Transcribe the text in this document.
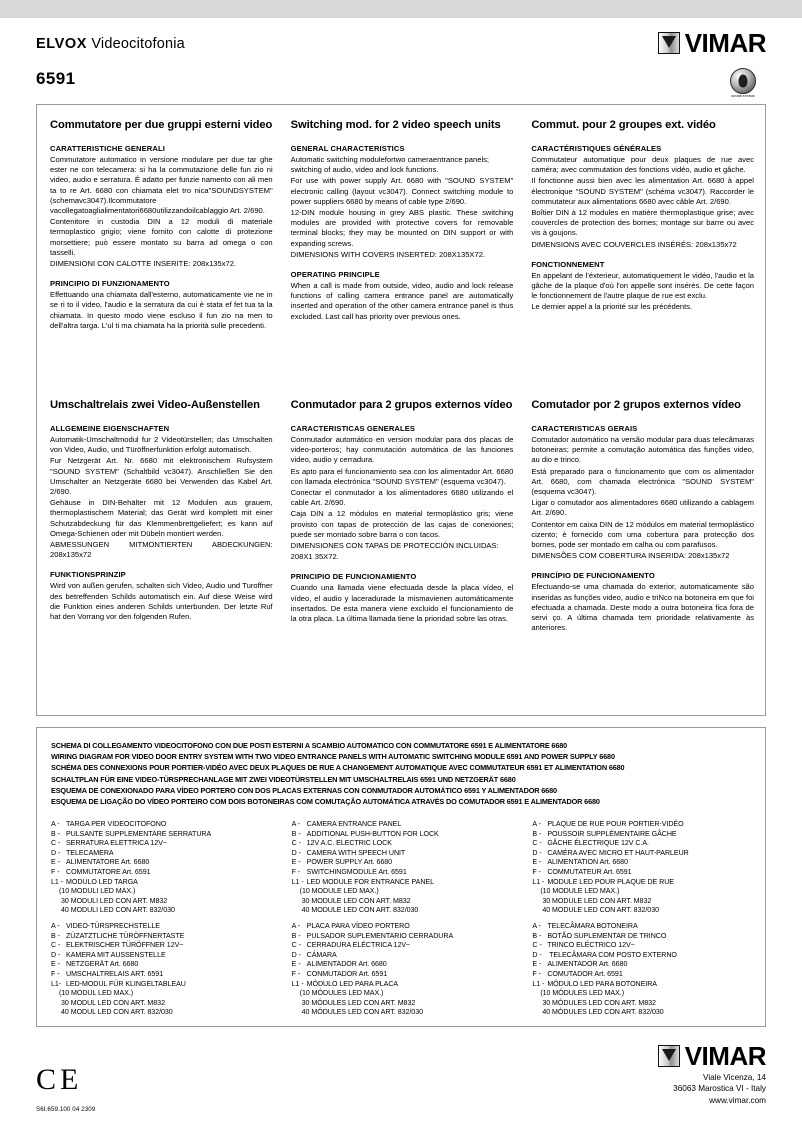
ELVOX Videocitofonia
6591
VIMAR
SOUND SYSTEM
Commutatore per due gruppi esterni video
CARATTERISTICHE GENERALI

Commutatore automatico in versione modulare per due tar ghe ester ne con telecamera: si ha la commutazione delle fun zio ni video, audio e serratura. É adatto per funzie namento con ali men ta to re Art. 6680 con chiamata elet tro nica"SOUNDSYSTEM"(schemavc3047).Ilcommutatore vacollegatoaglialimentatori6680utilizzandoilcablaggio Art. 2/690.

Contenitore in custodia DIN a 12 moduli di materiale termoplastico grigio; viene fornito con calotte di protezione morsettiere; può essere montato su barra ad omega o con tasselli.

DIMENSIONI CON CALOTTE INSERITE: 208x135x72.

PRINCIPIO DI FUNZIONAMENTO

Effettuando una chiamata dall'esterno, automaticamente vie ne in se ri to il video, l'audio e la serratura da cui è stata ef fet tua ta la chiamata. In questo modo viene escluso il fun zio na men to dell'altra targa. L'ul ti ma chiamata ha la priorità sulle precedenti.

Switching mod. for 2 video speech units
GENERAL CHARACTERISTICS

Automatic switching modulefortwo cameraentrance panels; switching of audio, video and lock functions.

For use with power supply Art. 6680 with "SOUND SYSTEM" electronic calling (layout vc3047). Connect switching module to power suppliers 6680 by means of cable type 2/690.

12-DIN module housing in grey ABS plastic. These switching modules are provided with protective covers for removable terminal blocks; they may be mounted on DIN support or with expanding screws.

DIMENSIONS WITH COVERS INSERTED: 208X135X72.

OPERATING PRINCIPLE

When a call is made from outside, video, audio and lock release functions of calling camera entrance panel are automatically inserted and operation of the other camera entrance panel is thus excluded. Last call has priority over previous ones.

Commut. pour 2 groupes ext. vidéo
CARACTÉRISTIQUES GÉNÉRALES

Commutateur automatique pour deux plaques de rue avec caméra; avec commutation des fonctions vidéo, audio et gâche.

Il fonctionne aussi bien avec les alimentation Art. 6680 à appel électronique "SOUND SYSTEM" (schéma vc3047). Raccorder le commutateur aux alimentations 6680 avec câble Art. 2/690.

Boîtier DIN à 12 modules en matière thermoplastique grise; avec couvercles de protection des bornes; montage sur barre ou avec vis à goujons.

DIMENSIONS AVEC COUVERCLES INSÉRÉS: 208x135x72

FONCTIONNEMENT

En appelant de l'éxterieur, automatiquement le vidéo, l'audio et la gâche de la plaque d'où l'on appelle sont insérés. De cette façon le fonctionnement de l'autre plaque de rue est exclu.

Le dernier appel a la priorité sur les précédents.

Umschaltrelais zwei Video-Außenstellen
ALLGEMEINE EIGENSCHAFTEN

Automatik-Umschaltmodul fur 2 Videotürstellen; das Umschalten von Video, Audio, und Türöffnerfunktion erfolgt automatisch.

Fur Netzgerät Art. Nr. 6680 mit elektronischem Rufsystem "SOUND SYSTEM" (Schaltbild vc3047). Anschließen Sie den Umschalter an Netzgeräte 6680 bei Verwenden das Kabel Art. 2/690.

Gehäuse in DIN-Behälter mit 12 Modulen aus grauem, thermoplastischem Material; das Gerät wird komplett mit einer Schutzabdeckung für das Klemmenbrettgeliefert; es kann auf Omega-Schienen oder mit Dübeln montiert werden.

ABMESSUNGEN MITMONTIERTEN ABDECKUNGEN: 208x135x72

FUNKTIONSPRINZIP

Wird von außen gerufen, schalten sich Video, Audio und Turoffner des betreffenden Schilds automatisch ein. Auf diese Weise wird die Funktion eines anderen Schilds unterbunden. Der letzte Ruf hat den Vorrang vor den folgenden Rufen.

Conmutador para 2 grupos externos vídeo
CARACTERISTICAS GENERALES

Conmutador automático en version modular para dos placas de video-porteros; hay conmutación automática de las funciones video, audio y cerradura.

Es apto para el funcionamiento sea con los alimentador Art. 6680 con llamada electrónica "SOUND SYSTEM" (esquema vc3047).

Conectar el conmutador a los alimentadores 6680 utilizando el cable Art. 2/690.

Caja DIN a 12 módulos en material termoplástico gris; viene provisto con tapas de protección de las cajas de conexiones; puede ser montado sobre barra o con tacos.

DIMENSIONES CON TAPAS DE PROTECCIÓN INCLUIDAS:

208X1 35X72.

PRINCIPIO DE FUNCIONAMIENTO

Cuando una llamada viene efectuada desde la placa vídeo, el vídeo, el audio y laceradurade la mismavienen automáticamente insertados. De esta manera viene excluido el funcionamiento de la otra placa. La última llamada tiene la prioridad sobre las otras.

Comutador por 2 grupos externos vídeo
CARACTERISTICAS GERAIS

Comutador automático na versão modular para duas telecâmaras botoneiras; permite a comutação automática das funções video, au dio e trinco.

Está preparado para o funcionamento que com os alimentador Art. 6680, com chamada electrónica "SOUND SYSTEM" (esquema vc3047).

Ligar o comutador aos alimentadores 6680 utilizando a cablagem Art. 2/690.

Contentor em caixa DIN de 12 módulos em material termoplástico cizento; è fornecido com uma cobertura para protecção dos bornes, pode ser montado em calha ou com parafusos.

DIMENSÕES COM COBERTURA INSERIDA: 208x135x72

PRINCÍPIO DE FUNCIONAMENTO

Efectuando-se uma chamada do exterior, automaticamente são inseridas as funções video, audio e triNco na botoneira em que foi efectuada a chamada. Deste modo a outra botoneira fica fora de servi ço. A última chamada tem prioridade relativamente às anteriores.

SCHEMA DI COLLEGAMENTO VIDEOCITOFONO CON DUE POSTI ESTERNI A SCAMBIO AUTOMATICO CON COMMUTATORE 6591 E ALIMENTATORE 6680
WIRING DIAGRAM FOR VIDEO DOOR ENTRY SYSTEM WITH TWO VIDEO ENTRANCE PANELS WITH AUTOMATIC SWITCHING MODULE 6591 AND POWER SUPPLY 6680
SCHÉMA DES CONNEXIONS POUR PORTIER-VIDÉO AVEC DEUX PLAQUES DE RUE A CHANGEMENT AUTOMATIQUE AVEC COMMUTATEUR 6591 ET ALIMENTATION 6680
SCHALTPLAN FÜR EINE VIDEO-TÜRSPRECHANLAGE MIT ZWEI VIDEOTÜRSTELLEN MIT UMSCHALTRELAIS 6591 UND NETZGERÄT 6680
ESQUEMA DE CONEXIONADO PARA VÍDEO PORTERO CON DOS PLACAS EXTERNAS CON CONMUTADOR AUTOMÁTICO 6591 Y ALIMENTADOR 6680
ESQUEMA DE LIGAÇÃO DO VÍDEO PORTEIRO COM DOIS BOTONEIRAS COM COMUTAÇÃO AUTOMÁTICA ATRAVÉS DO COMUTADOR 6591 E ALIMENTADOR 6680
A - TARGA PER VIDEOCITOFONO
B - PULSANTE SUPPLEMENTARE SERRATURA
C - SERRATURA ELETTRICA 12V~
D - TELECAMERA
E - ALIMENTATORE Art. 6680
F - COMMUTATORE Art. 6591
L1 - MODULO LED TARGA
(10 MODULI LED MAX.)
30 MODULI LED CON ART. M832
40 MODULI LED CON ART. 832/030
A - CAMERA ENTRANCE PANEL
B - ADDITIONAL PUSH-BUTTON FOR LOCK
C - 12V A.C. ELECTRIC LOCK
D - CAMERA WITH SPEECH UNIT
E - POWER SUPPLY Art. 6680
F - SWITCHINGMODULE Art. 6591
L1 - LED MODULE FOR ENTRANCE PANEL
(10 MODULE LED MAX.)
30 MODULE LED CON ART. M832
40 MODULE LED CON ART. 832/030
A - PLAQUE DE RUE POUR PORTIER-VIDÉO
B - POUSSOIR SUPPLÉMENTAIRE GÂCHE
C - GÂCHE ÉLECTRIQUE 12V C.A.
D - CAMÉRA AVEC MICRO ET HAUT-PARLEUR
E - ALIMENTATION Art. 6680
F - COMMUTATEUR Art. 6591
L1 - MODULE LED POUR PLAQUE DE RUE
(10 MODULE LED MAX.)
30 MODULE LED CON ART. M832
40 MODULE LED CON ART. 832/030
A - VIDEO-TÜRSPRECHSTELLE
B - ZÜZATZTLICHE TÜRÖFFNERTASTE
C - ELEKTRISCHER TÜRÖFFNER 12V~
D - KAMERA MIT AUSSENSTELLE
E - NETZGERÄT Art. 6680
F - UMSCHALTRELAIS ART. 6591
L1- LED-MODUL FÜR KLINGELTABLEAU
(10 MODUL LED MAX.)
30 MODUL LED CON ART. M832
40 MODUL LED CON ART. 832/030
A - PLACA PARA VÍDEO PORTERO
B - PULSADOR SUPLEMENTARIO CERRADURA
C - CERRADURA ELÉCTRICA 12V~
D - CÁMARA
E - ALIMENTADOR Art. 6680
F - CONMUTADOR Art. 6591
L1 - MÓDULO LED PARA PLACA
(10 MÓDULES LED MAX.)
30 MÓDULES LED CON ART. M832
40 MÓDULES LED CON ART. 832/030
A - TELECÂMARA BOTONEIRA
B - BOTÃO SUPLEMENTAR DE TRINCO
C - TRINCO ELÉCTRICO 12V~
D - TELECÂMARA COM POSTO EXTERNO
E - ALIMENTADOR Art. 6680
F - COMUTADOR Art. 6591
L1 - MÓDULO LED PARA BOTONEIRA
(10 MÓDULES LED MAX.)
30 MÓDULES LED CON ART. M832
40 MÓDULES LED CON ART. 832/030
C E
S6I.659.100 04 2309
VIMAR
Viale Vicenza, 14
36063 Marostica VI - Italy
www.vimar.com
